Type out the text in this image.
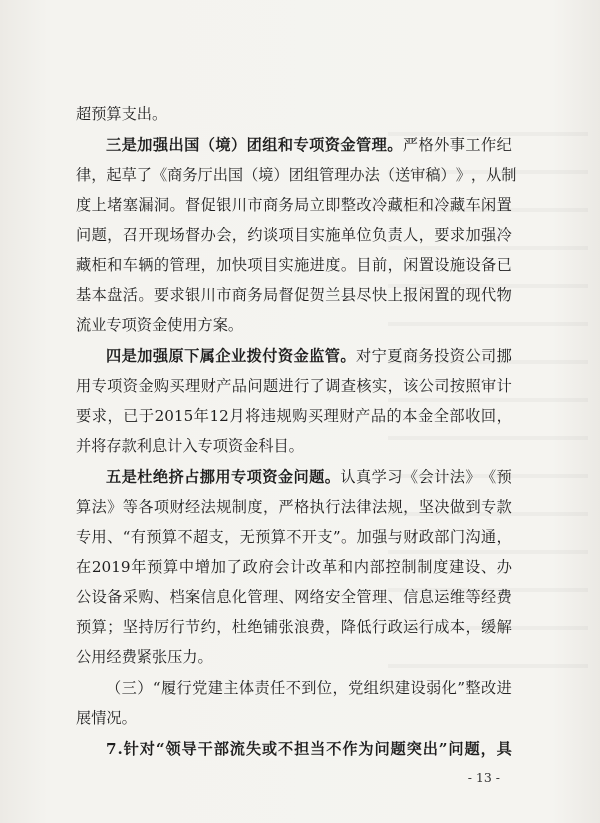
超预算支出。
三 是 加 强 出 国 （ 境 ） 团 组 和 专 项 资 金 管 理 。 严 格 外 事 工 作 纪
律 ， 起 草 了 《 商 务 厅 出 国 （ 境 ） 团 组 管 理 办 法 （ 送 审 稿 ） 》 ， 从 制
度 上 堵 塞 漏 洞 。 督 促 银 川 市 商 务 局 立 即 整 改 冷 藏 柜 和 冷 藏 车 闲 置
问 题 ， 召 开 现 场 督 办 会 ， 约 谈 项 目 实 施 单 位 负 责 人 ， 要 求 加 强 冷
藏 柜 和 车 辆 的 管 理 ， 加 快 项 目 实 施 进 度 。 目 前 ， 闲 置 设 施 设 备 已
基 本 盘 活 。 要 求 银 川 市 商 务 局 督 促 贺 兰 县 尽 快 上 报 闲 置 的 现 代 物
流业专项资金使用方案。
四 是 加 强 原 下 属 企 业 拨 付 资 金 监 管 。 对 宁 夏 商 务 投 资 公 司 挪
用 专 项 资 金 购 买 理 财 产 品 问 题 进 行 了 调 查 核 实 ， 该 公 司 按 照 审 计
要 求 ， 已 于 2015 年 12 月 将 违 规 购 买 理 财 产 品 的 本 金 全 部 收 回 ，
并将存款利息计入专项资金科目。
五 是 杜 绝 挤 占 挪 用 专 项 资 金 问 题 。 认 真 学 习 《 会 计 法 》 《 预
算 法 》 等 各 项 财 经 法 规 制 度 ， 严 格 执 行 法 律 法 规 ， 坚 决 做 到 专 款
专 用 、 “ 有 预 算 不 超 支 ， 无 预 算 不 开 支 ” 。 加 强 与 财 政 部 门 沟 通 ，
在 2019 年 预 算 中 增 加 了 政 府 会 计 改 革 和 内 部 控 制 制 度 建 设 、 办
公 设 备 采 购 、 档 案 信 息 化 管 理 、 网 络 安 全 管 理 、 信 息 运 维 等 经 费
预 算 ； 坚 持 厉 行 节 约 ， 杜 绝 铺 张 浪 费 ， 降 低 行 政 运 行 成 本 ， 缓 解
公用经费紧张压力。
（ 三 ） “ 履 行 党 建 主 体 责 任 不 到 位 ， 党 组 织 建 设 弱 化 ” 整 改 进
展情况。
7 . 针 对 “ 领 导 干 部 流 失 或 不 担 当 不 作 为 问 题 突 出 ” 问 题 ， 具
- 13 -
